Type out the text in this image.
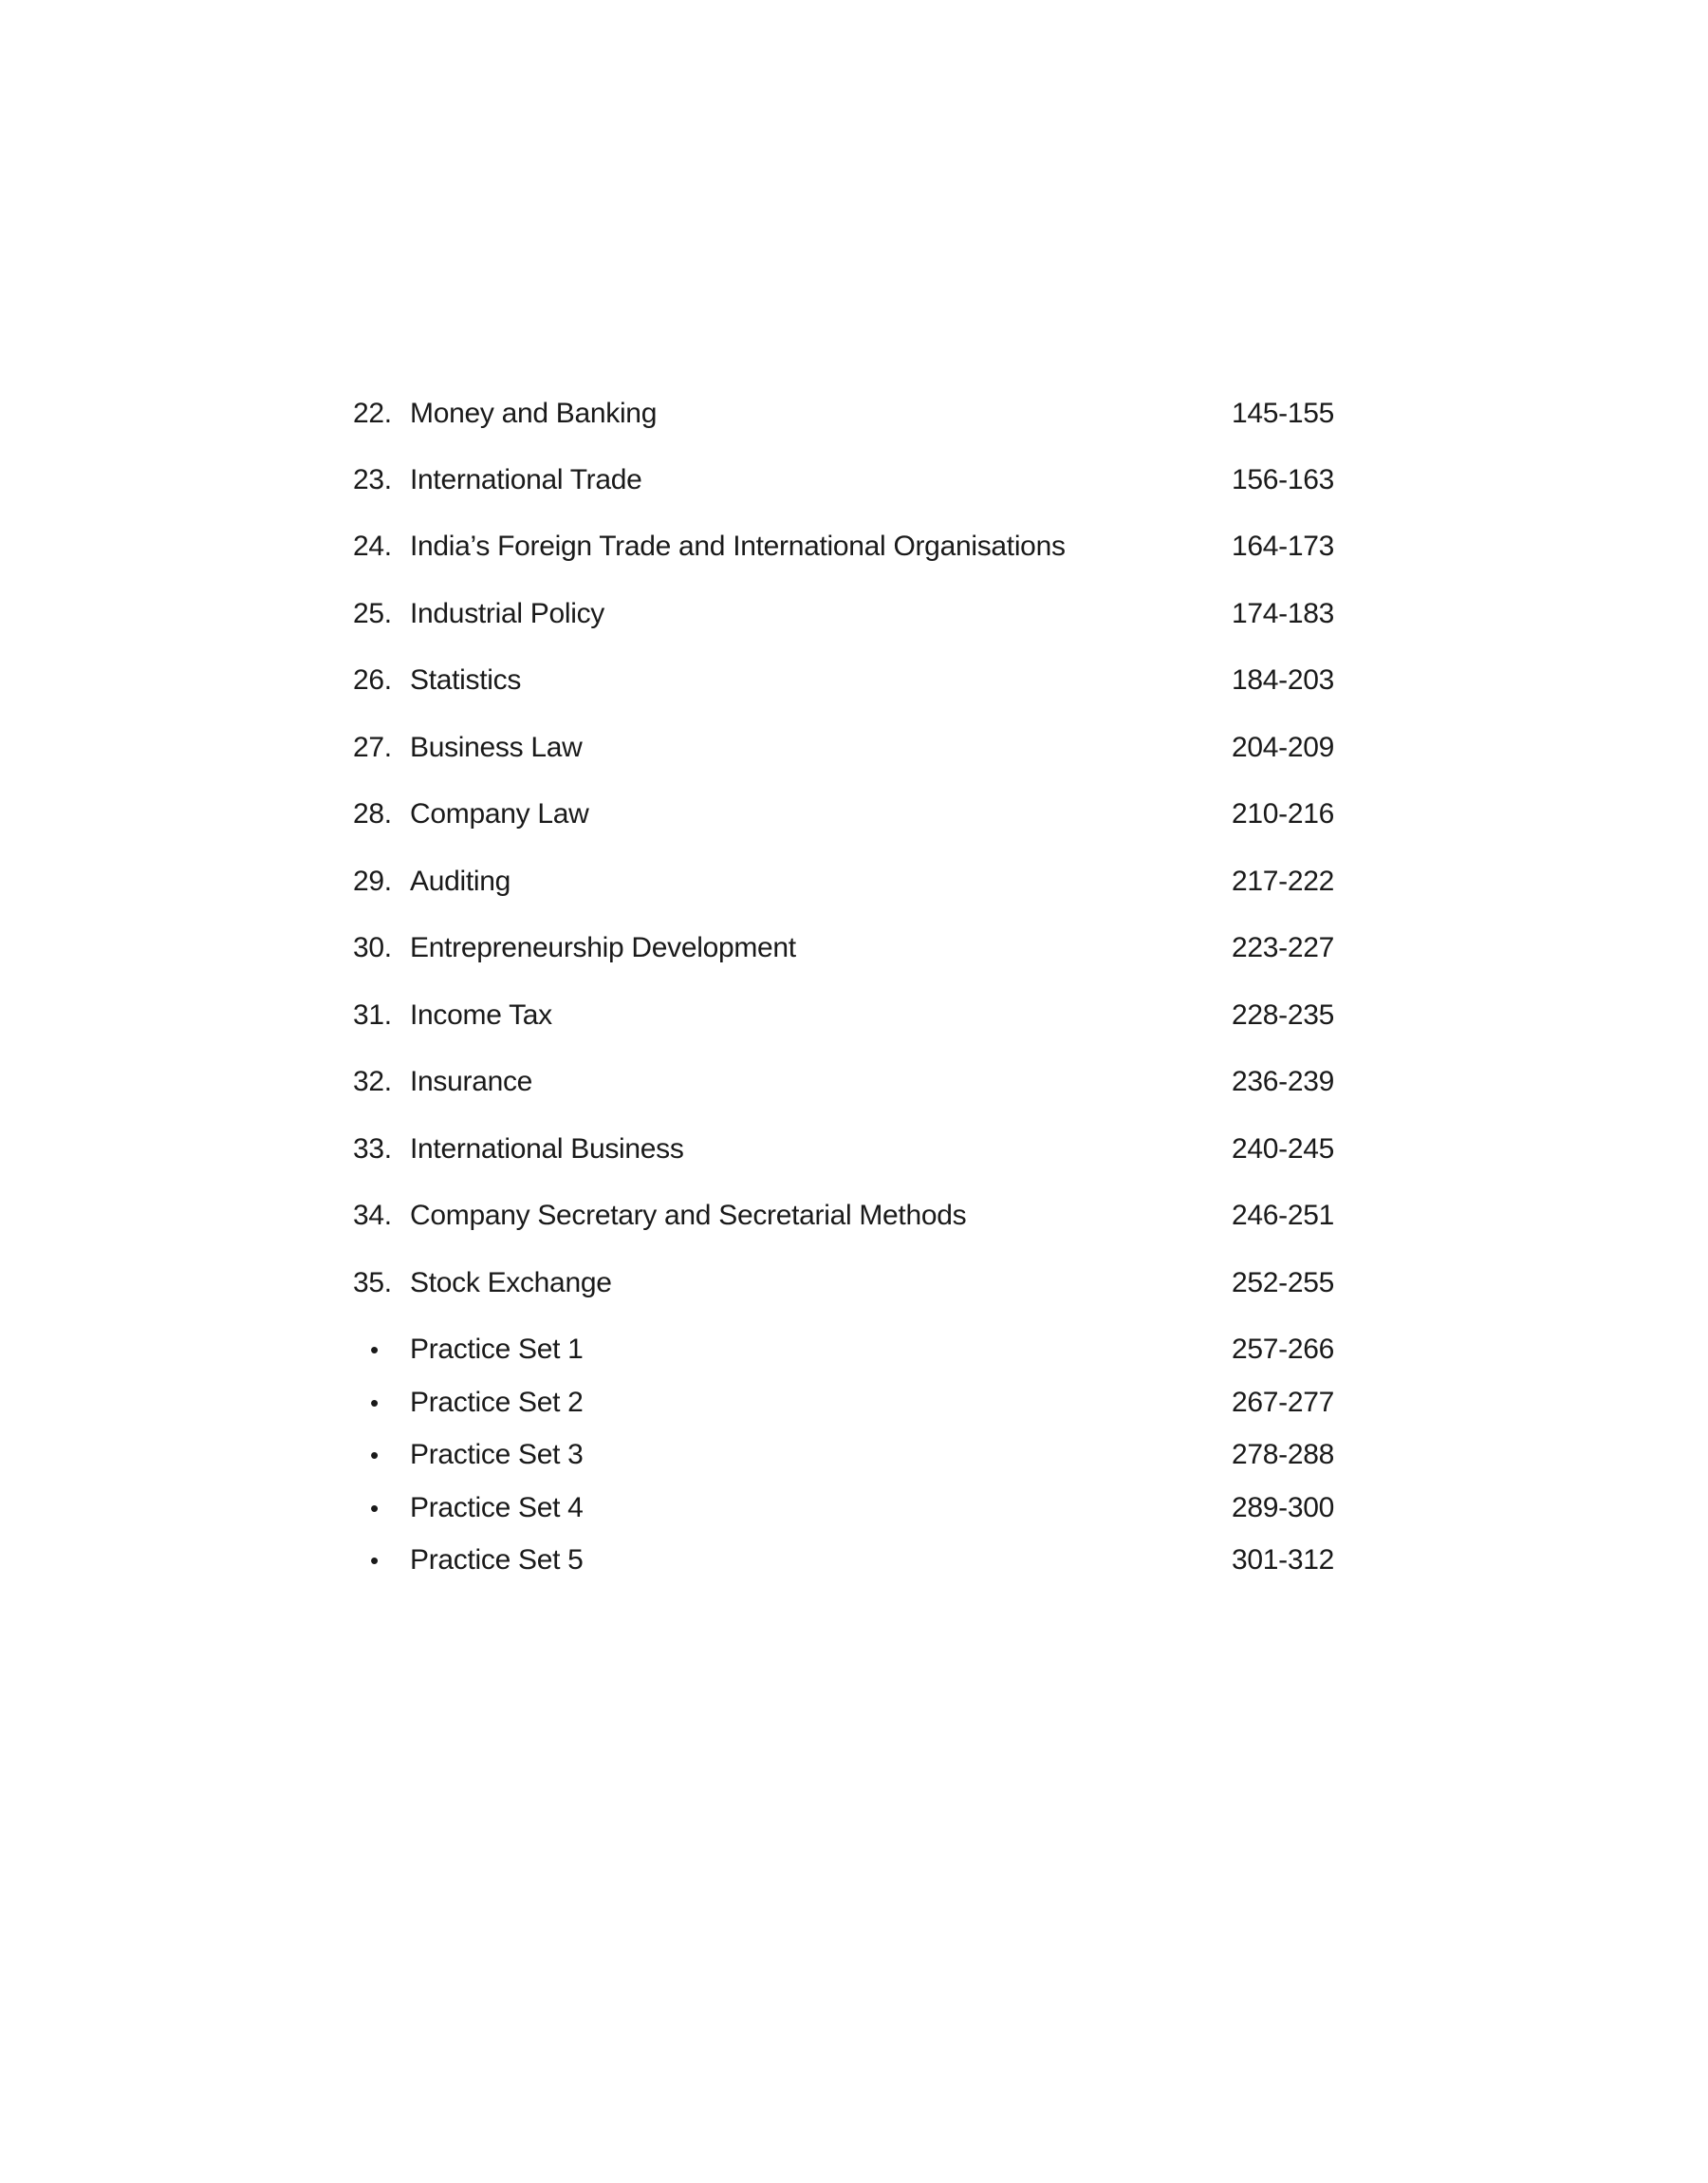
22. Money and Banking	145-155
23. International Trade	156-163
24. India’s Foreign Trade and International Organisations	164-173
25. Industrial Policy	174-183
26. Statistics	184-203
27. Business Law	204-209
28. Company Law	210-216
29. Auditing	217-222
30. Entrepreneurship Development	223-227
31. Income Tax	228-235
32. Insurance	236-239
33. International Business	240-245
34. Company Secretary and Secretarial Methods	246-251
35. Stock Exchange	252-255
•	Practice Set 1	257-266
•	Practice Set 2	267-277
•	Practice Set 3	278-288
•	Practice Set 4	289-300
•	Practice Set 5	301-312
